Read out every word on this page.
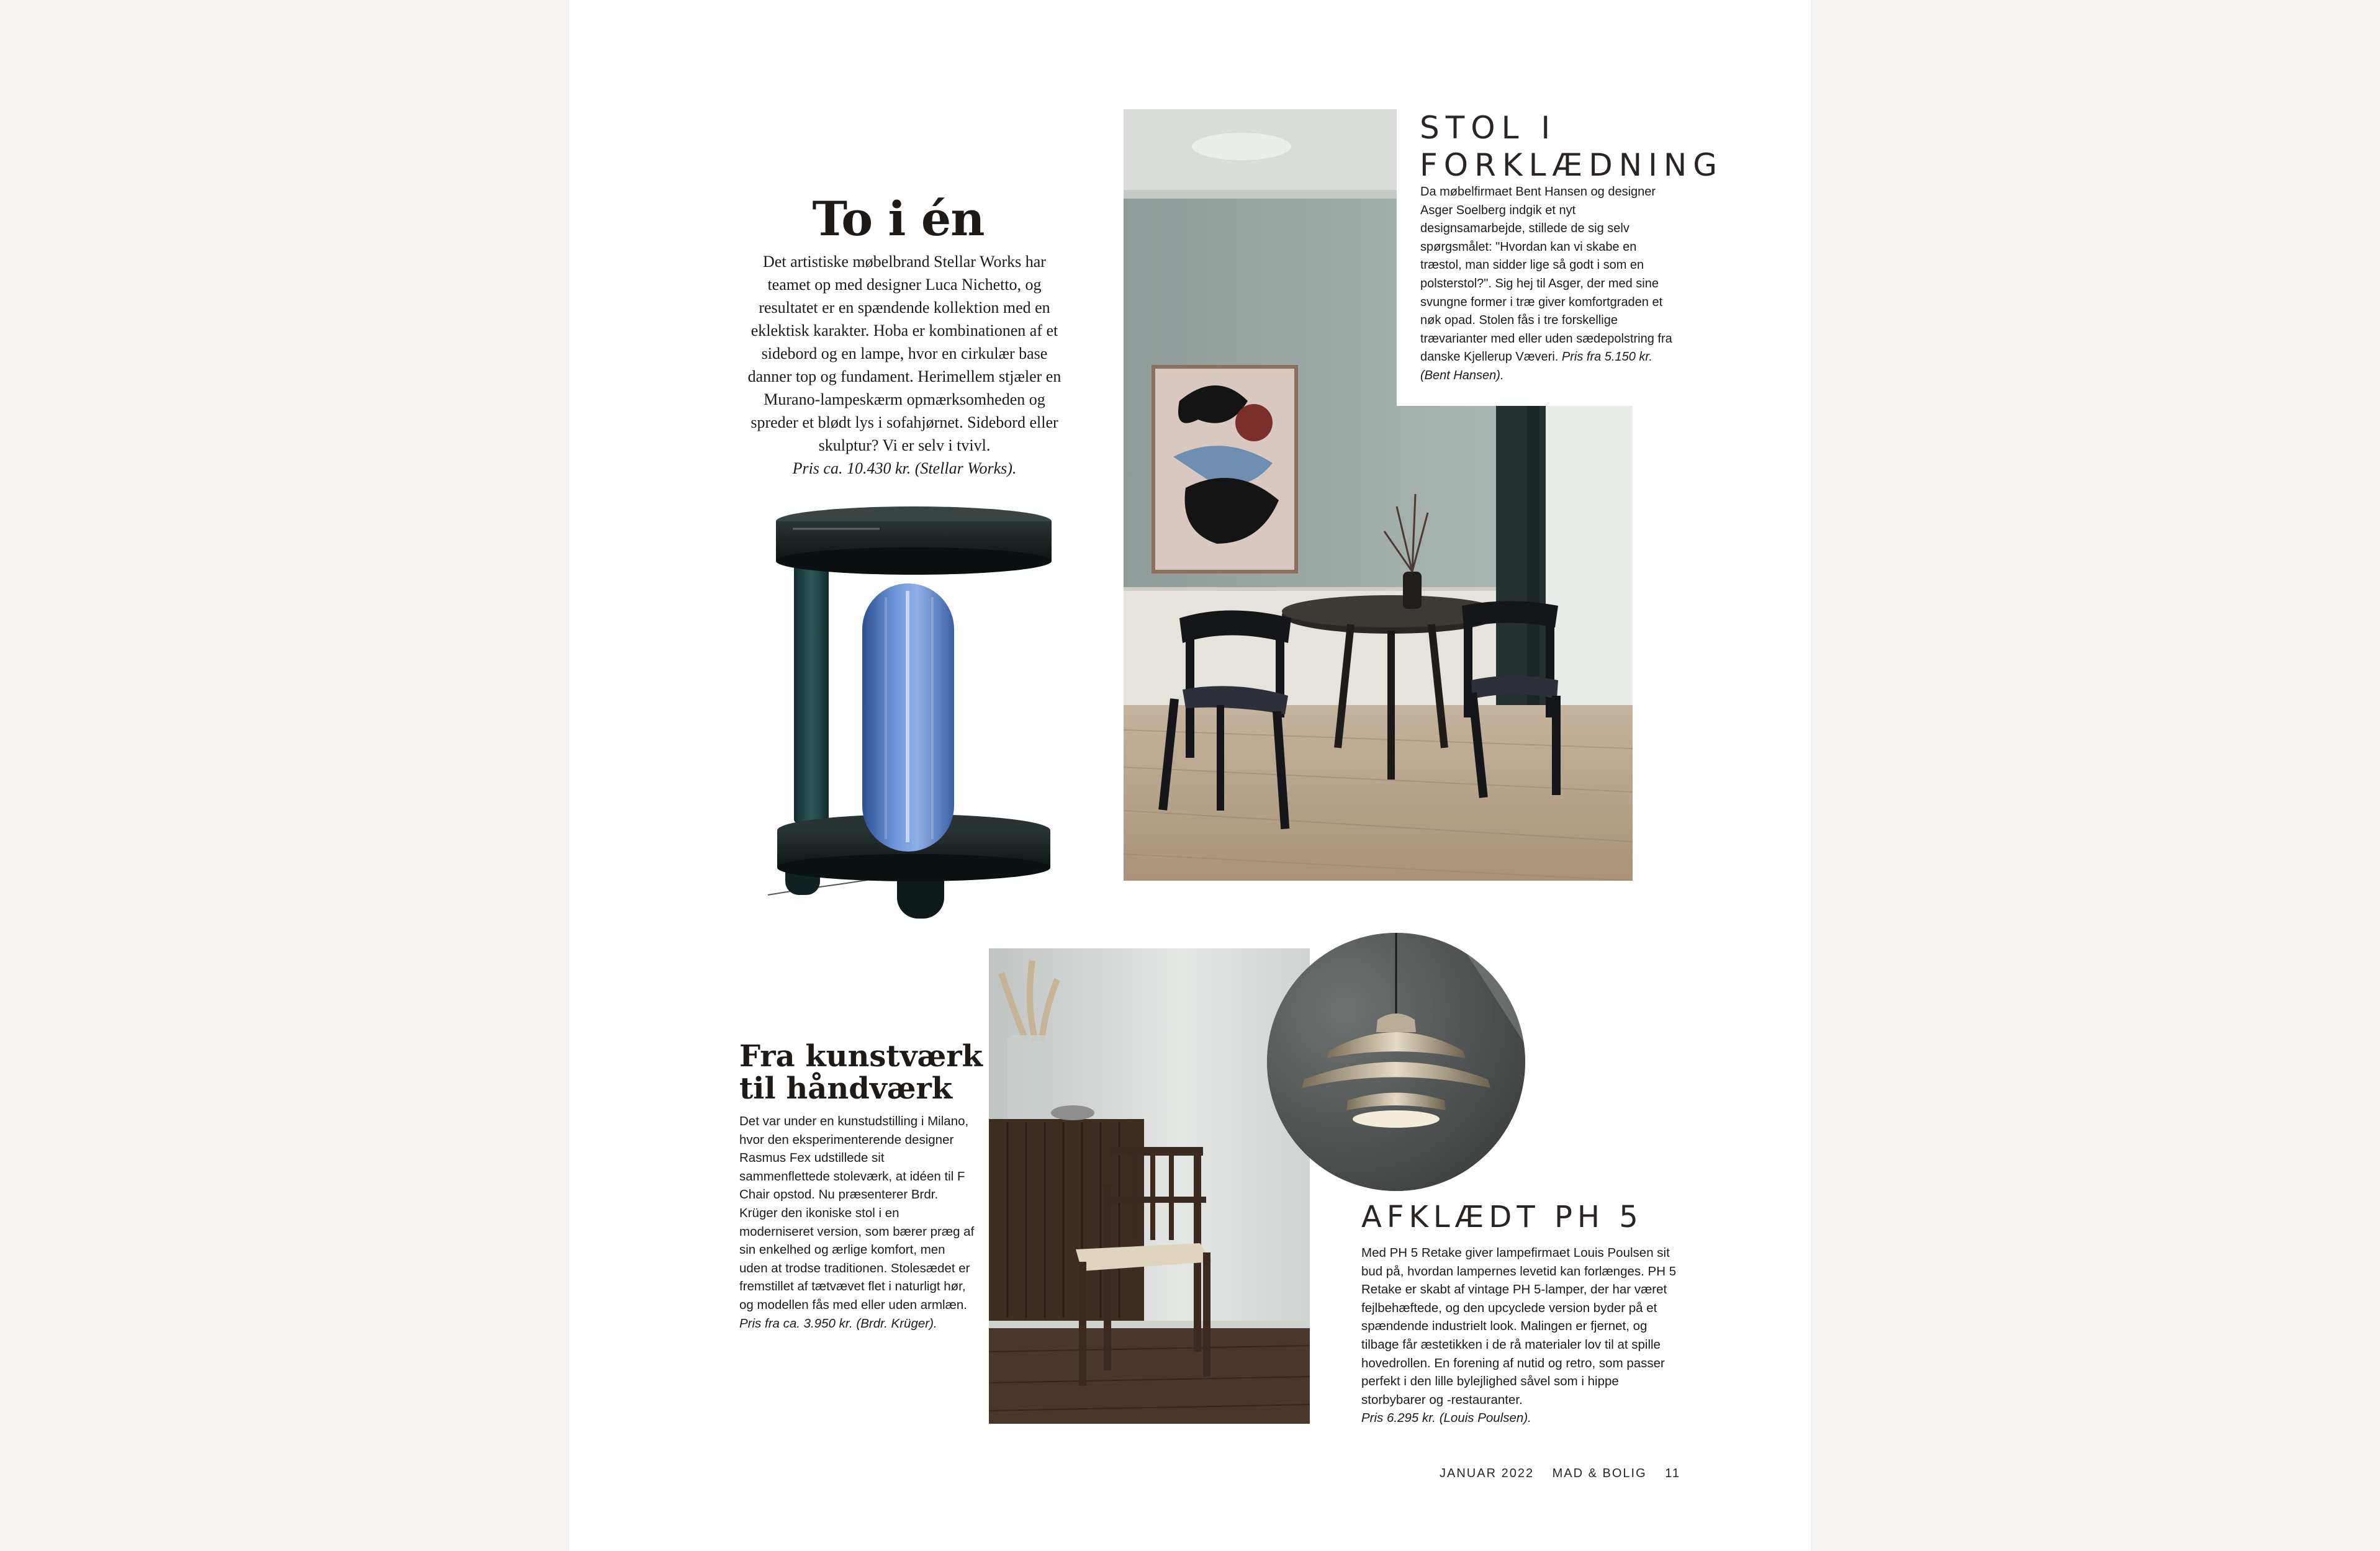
To i én

Det artistiske møbelbrand Stellar Works har teamet op med designer Luca Nichetto, og resultatet er en spændende kollektion med en eklektisk karakter. Hoba er kombinationen af et sidebord og en lampe, hvor en cirkulær base danner top og fundament. Herimellem stjæler en Murano-lampeskærm opmærksomheden og spreder et blødt lys i sofahjørnet. Sidebord eller skulptur? Vi er selv i tvivl.
Pris ca. 10.430 kr. (Stellar Works).

STOL I FORKLÆDNING

Da møbelfirmaet Bent Hansen og designer Asger Soelberg indgik et nyt designsamarbejde, stillede de sig selv spørgsmålet: "Hvordan kan vi skabe en træstol, man sidder lige så godt i som en polsterstol?". Sig hej til Asger, der med sine svungne former i træ giver komfortgraden et nøk opad. Stolen fås i tre forskellige trævarianter med eller uden sædepolstring fra danske Kjellerup Væveri. Pris fra 5.150 kr. (Bent Hansen).

Fra kunstværk til håndværk

Det var under en kunstudstilling i Milano, hvor den eksperimenterende designer Rasmus Fex udstillede sit sammenflettede stoleværk, at idéen til F Chair opstod. Nu præsenterer Brdr. Krüger den ikoniske stol i en moderniseret version, som bærer præg af sin enkelhed og ærlige komfort, men uden at trodse traditionen. Stolesædet er fremstillet af tætvævet flet i naturligt hør, og modellen fås med eller uden armlæn.
Pris fra ca. 3.950 kr. (Brdr. Krüger).

AFKLÆDT PH 5

Med PH 5 Retake giver lampefirmaet Louis Poulsen sit bud på, hvordan lampernes levetid kan forlænges. PH 5 Retake er skabt af vintage PH 5-lamper, der har været fejlbehæftede, og den upcyclede version byder på et spændende industrielt look. Malingen er fjernet, og tilbage får æstetikken i de rå materialer lov til at spille hovedrollen. En forening af nutid og retro, som passer perfekt i den lille bylejlighed såvel som i hippe storbybarer og -restauranter.
Pris 6.295 kr. (Louis Poulsen).

JANUAR 2022 MAD & BOLIG 11
